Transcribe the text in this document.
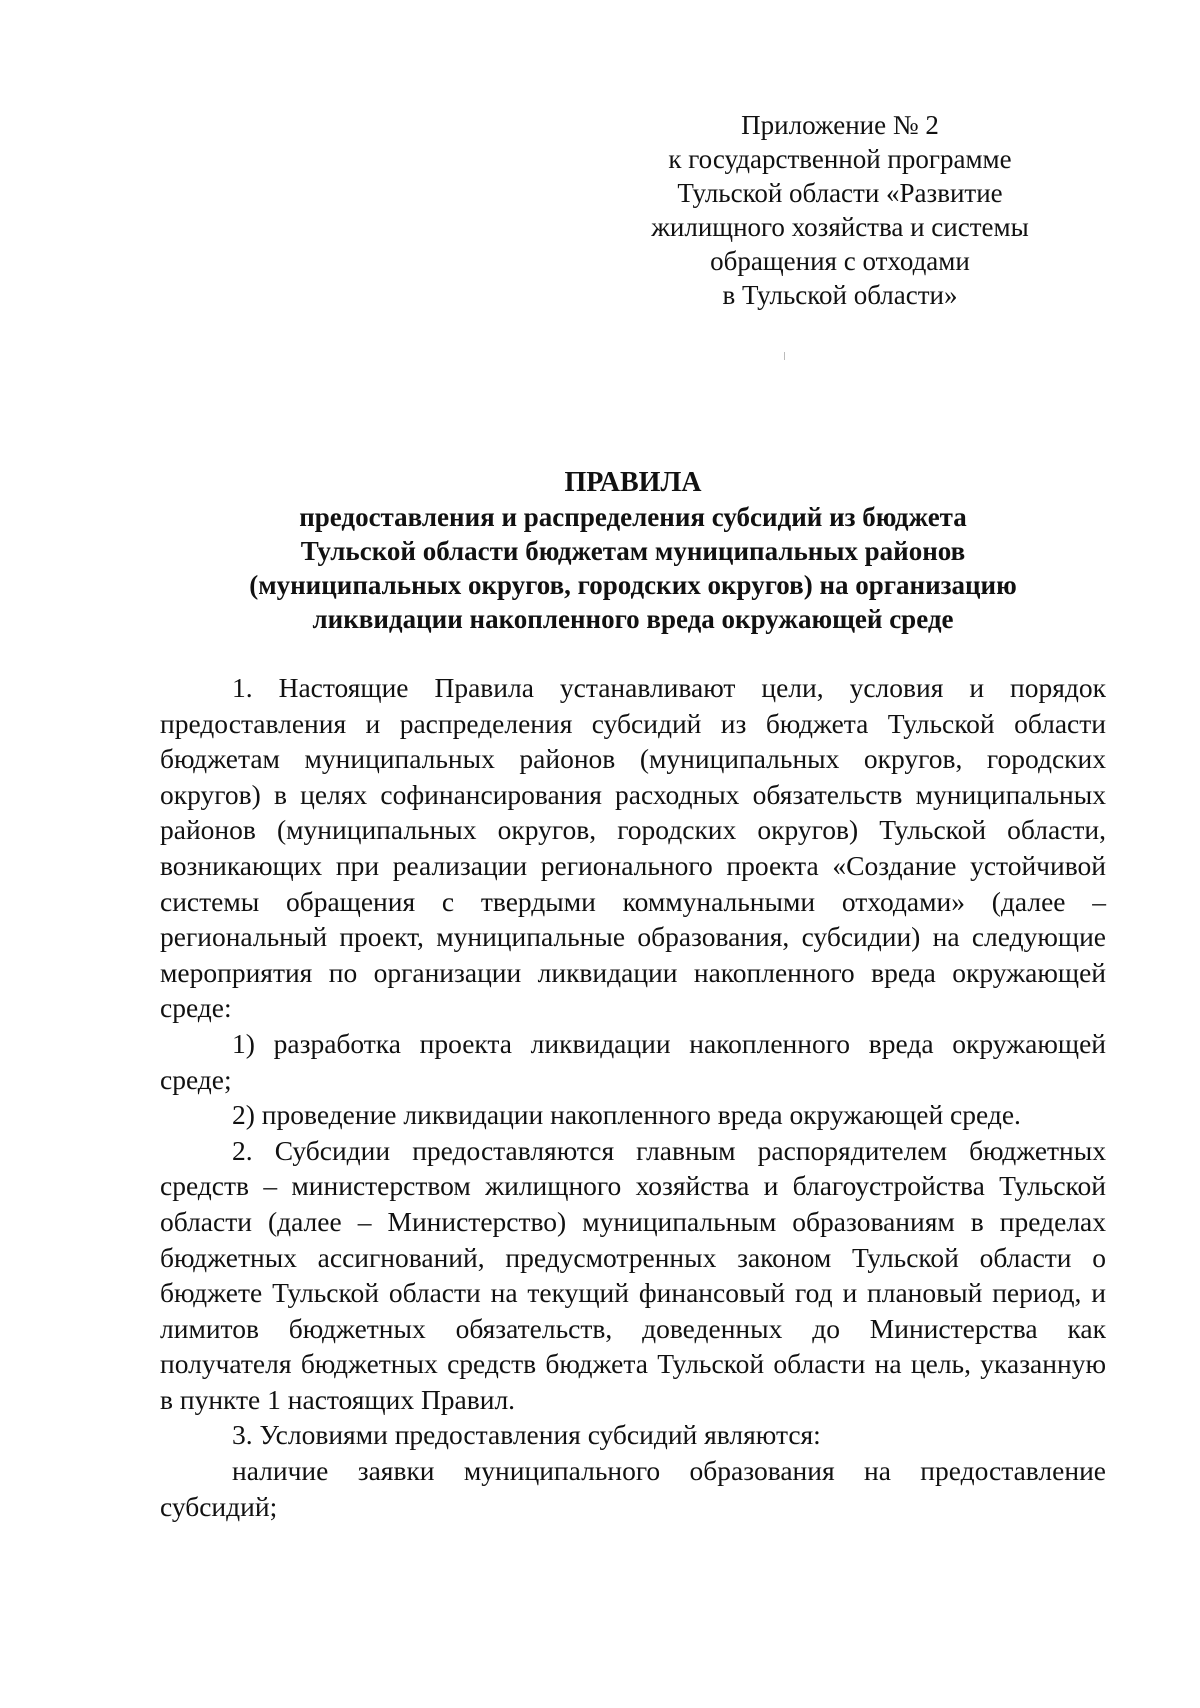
Приложение № 2
к государственной программе
Тульской области «Развитие
жилищного хозяйства и системы
обращения с отходами
в Тульской области»
ПРАВИЛА
предоставления и распределения субсидий из бюджета
Тульской области бюджетам муниципальных районов
(муниципальных округов, городских округов) на организацию
ликвидации накопленного вреда окружающей среде

1. Настоящие Правила устанавливают цели, условия и порядок предоставления и распределения субсидий из бюджета Тульской области бюджетам муниципальных районов (муниципальных округов, городских округов) в целях софинансирования расходных обязательств муниципальных районов (муниципальных округов, городских округов) Тульской области, возникающих при реализации регионального проекта «Создание устойчивой системы обращения с твердыми коммунальными отходами» (далее – региональный проект, муниципальные образования, субсидии) на следующие мероприятия по организации ликвидации накопленного вреда окружающей среде:

1) разработка проекта ликвидации накопленного вреда окружающей среде;

2) проведение ликвидации накопленного вреда окружающей среде.

2. Субсидии предоставляются главным распорядителем бюджетных средств – министерством жилищного хозяйства и благоустройства Тульской области (далее – Министерство) муниципальным образованиям в пределах бюджетных ассигнований, предусмотренных законом Тульской области о бюджете Тульской области на текущий финансовый год и плановый период, и лимитов бюджетных обязательств, доведенных до Министерства как получателя бюджетных средств бюджета Тульской области на цель, указанную в пункте 1 настоящих Правил.

3. Условиями предоставления субсидий являются:

наличие заявки муниципального образования на предоставление субсидий;
